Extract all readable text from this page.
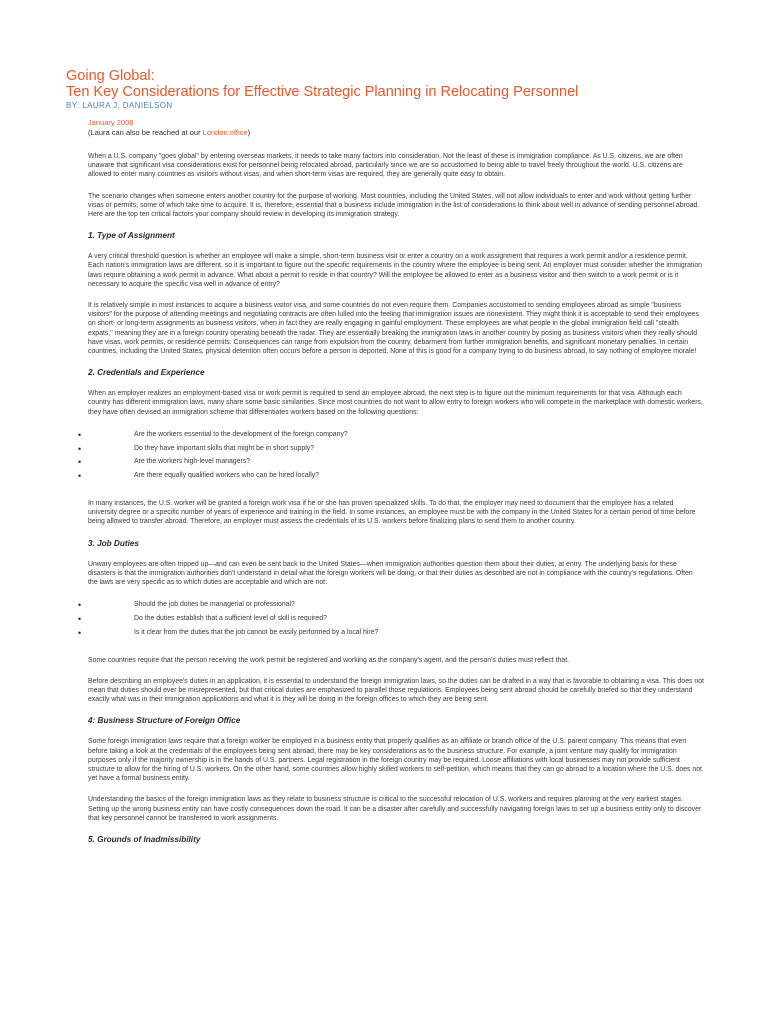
Going Global:
Ten Key Considerations for Effective Strategic Planning in Relocating Personnel
BY: LAURA J. DANIELSON
January 2008
(Laura can also be reached at our London office)

When a U.S. company "goes global" by entering overseas markets, it needs to take many factors into consideration. Not the least of these is immigration compliance. As U.S. citizens, we are often unaware that significant visa considerations exist for personnel being relocated abroad, particularly since we are so accustomed to being able to travel freely throughout the world. U.S. citizens are allowed to enter many countries as visitors without visas, and when short-term visas are required, they are generally quite easy to obtain.

The scenario changes when someone enters another country for the purpose of working. Most countries, including the United States, will not allow individuals to enter and work without getting further visas or permits, some of which take time to acquire. It is, therefore, essential that a business include immigration in the list of considerations to think about well in advance of sending personnel abroad. Here are the top ten critical factors your company should review in developing its immigration strategy.

1. Type of Assignment

A very critical threshold question is whether an employee will make a simple, short-term business visit or enter a country on a work assignment that requires a work permit and/or a residence permit. Each nation's immigration laws are different, so it is important to figure out the specific requirements in the country where the employee is being sent. An employer must consider whether the immigration laws require obtaining a work permit in advance. What about a permit to reside in that country? Will the employee be allowed to enter as a business visitor and then switch to a work permit or is it necessary to acquire the specific visa well in advance of entry?

It is relatively simple in most instances to acquire a business visitor visa, and some countries do not even require them. Companies accustomed to sending employees abroad as simple "business visitors" for the purpose of attending meetings and negotiating contracts are often lulled into the feeling that immigration issues are nonexistent. They might think it is acceptable to send their employees on short- or long-term assignments as business visitors, when in fact they are really engaging in gainful employment. These employees are what people in the global immigration field call "stealth expats," meaning they are in a foreign country operating beneath the radar. They are essentially breaking the immigration laws in another country by posing as business visitors when they really should have visas, work permits, or residence permits. Consequences can range from expulsion from the country, debarment from further immigration benefits, and significant monetary penalties. In certain countries, including the United States, physical detention often occurs before a person is deported. None of this is good for a company trying to do business abroad, to say nothing of employee morale!

2. Credentials and Experience

When an employer realizes an employment-based visa or work permit is required to send an employee abroad, the next step is to figure out the minimum requirements for that visa. Although each country has different immigration laws, many share some basic similarities. Since most countries do not want to allow entry to foreign workers who will compete in the marketplace with domestic workers, they have often devised an immigration scheme that differentiates workers based on the following questions:

•	Are the workers essential to the development of the foreign company?
•	Do they have important skills that might be in short supply?
•	Are the workers high-level managers?
•	Are there equally qualified workers who can be hired locally?

In many instances, the U.S. worker will be granted a foreign work visa if he or she has proven specialized skills. To do that, the employer may need to document that the employee has a related university degree or a specific number of years of experience and training in the field. In some instances, an employee must be with the company in the United States for a certain period of time before being allowed to transfer abroad. Therefore, an employer must assess the credentials of its U.S. workers before finalizing plans to send them to another country.

3. Job Duties

Unwary employees are often tripped up—and can even be sent back to the United States—when immigration authorities question them about their duties, at entry. The underlying basis for these disasters is that the immigration authorities don't understand in detail what the foreign workers will be doing, or that their duties as described are not in compliance with the country's regulations. Often the laws are very specific as to which duties are acceptable and which are not:

•	Should the job duties be managerial or professional?
•	Do the duties establish that a sufficient level of skill is required?
•	Is it clear from the duties that the job cannot be easily performed by a local hire?

Some countries require that the person receiving the work permit be registered and working as the company's agent, and the person's duties must reflect that.

Before describing an employee's duties in an application, it is essential to understand the foreign immigration laws, so the duties can be drafted in a way that is favorable to obtaining a visa. This does not mean that duties should ever be misrepresented, but that critical duties are emphasized to parallel those regulations. Employees being sent abroad should be carefully briefed so that they understand exactly what was in their immigration applications and what it is they will be doing in the foreign offices to which they are being sent.

4: Business Structure of Foreign Office

Some foreign immigration laws require that a foreign worker be employed in a business entity that properly qualifies as an affiliate or branch office of the U.S. parent company. This means that even before taking a look at the credentials of the employees being sent abroad, there may be key considerations as to the business structure. For example, a joint venture may qualify for immigration purposes only if the majority ownership is in the hands of U.S. partners. Legal registration in the foreign country may be required. Loose affiliations with local businesses may not provide sufficient structure to allow for the hiring of U.S. workers. On the other hand, some countries allow highly skilled workers to self-petition, which means that they can go abroad to a location where the U.S. does not yet have a formal business entity.

Understanding the basics of the foreign immigration laws as they relate to business structure is critical to the successful relocation of U.S. workers and requires planning at the very earliest stages. Setting up the wrong business entity can have costly consequences down the road. It can be a disaster after carefully and successfully navigating foreign laws to set up a business entity only to discover that key personnel cannot be transferred to work assignments.

5. Grounds of Inadmissibility
